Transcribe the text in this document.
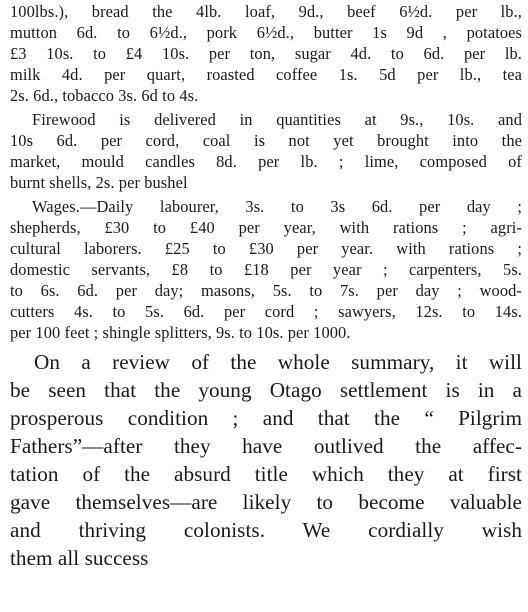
100lbs.), bread the 4lb. loaf, 9d., beef 6½d. per lb.,
mutton 6d. to 6½d., pork 6½d., butter 1s 9d , potatoes
£3 10s. to £4 10s. per ton, sugar 4d. to 6d. per lb.
milk 4d. per quart, roasted coffee 1s. 5d per lb., tea
2s. 6d., tobacco 3s. 6d to 4s.
Firewood is delivered in quantities at 9s., 10s. and
10s 6d. per cord, coal is not yet brought into the
market, mould candles 8d. per lb. ; lime, composed of
burnt shells, 2s. per bushel
Wages.—Daily labourer, 3s. to 3s 6d. per day ;
shepherds, £30 to £40 per year, with rations ; agri-
cultural laborers. £25 to £30 per year. with rations ;
domestic servants, £8 to £18 per year ; carpenters, 5s.
to 6s. 6d. per day; masons, 5s. to 7s. per day ; wood-
cutters 4s. to 5s. 6d. per cord ; sawyers, 12s. to 14s.
per 100 feet ; shingle splitters, 9s. to 10s. per 1000.
On a review of the whole summary, it will
be seen that the young Otago settlement is in a
prosperous condition ; and that the “ Pilgrim
Fathers”—after they have outlived the affec-
tation of the absurd title which they at first
gave themselves—are likely to become valuable
and thriving colonists. We cordially wish
them all success
